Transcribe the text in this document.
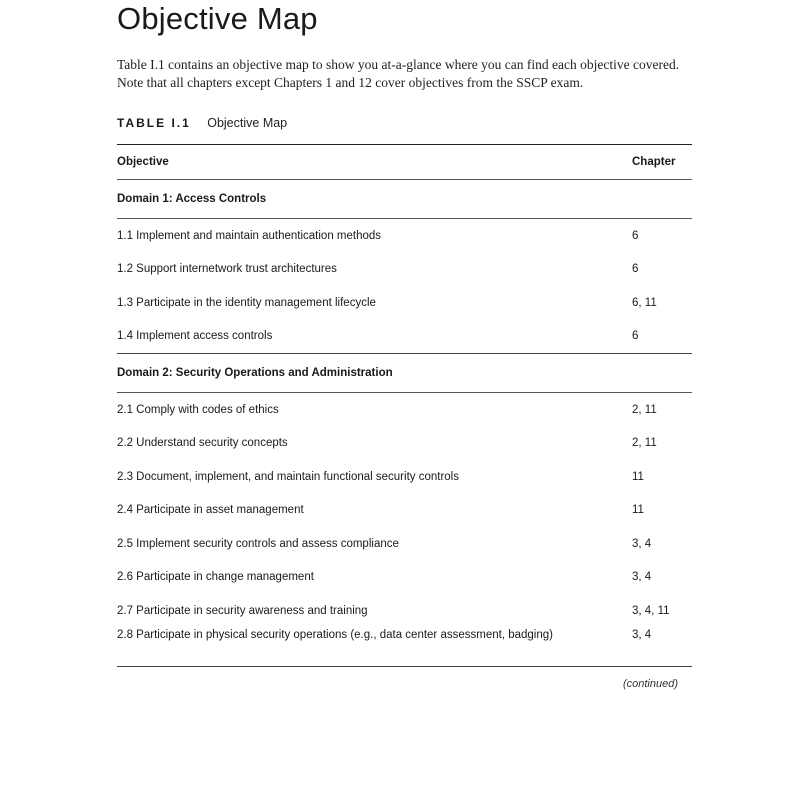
Objective Map

Table I.1 contains an objective map to show you at-a-glance where you can find each objective covered. Note that all chapters except Chapters 1 and 12 cover objectives from the SSCP exam.

TABLE I.1 Objective Map
Objective	Chapter
Domain 1: Access Controls	
1.1 Implement and maintain authentication methods	6
1.2 Support internetwork trust architectures	6
1.3 Participate in the identity management lifecycle	6, 11
1.4 Implement access controls	6
Domain 2: Security Operations and Administration	
2.1 Comply with codes of ethics	2, 11
2.2 Understand security concepts	2, 11
2.3 Document, implement, and maintain functional security controls	11
2.4 Participate in asset management	11
2.5 Implement security controls and assess compliance	3, 4
2.6 Participate in change management	3, 4
2.7 Participate in security awareness and training	3, 4, 11
2.8 Participate in physical security operations (e.g., data center assessment, badging)	3, 4
(continued)
